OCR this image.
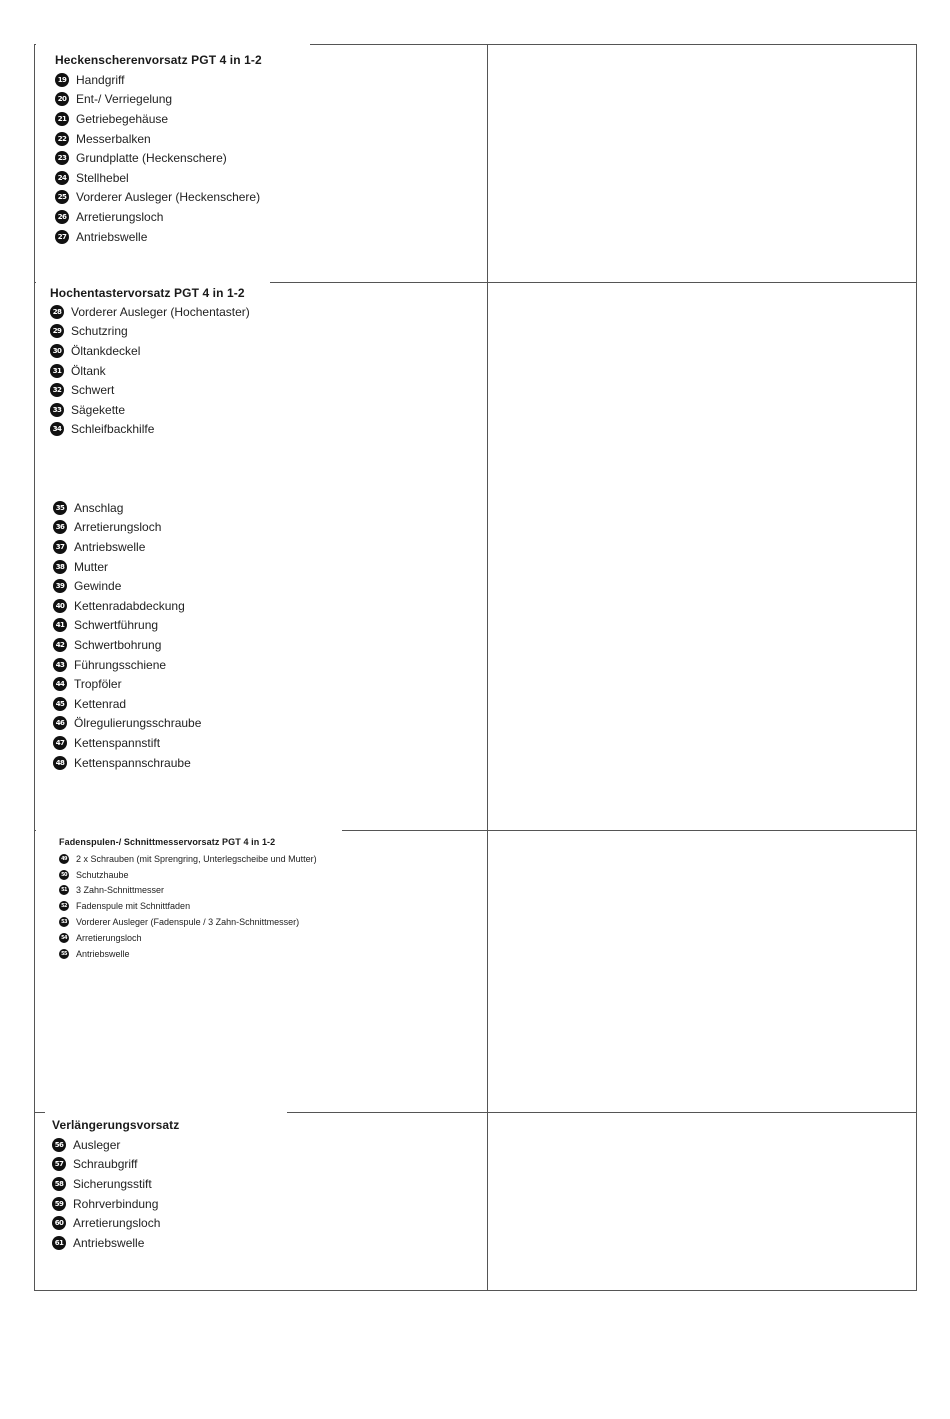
Heckenscherenvorsatz PGT 4 in 1-2
19 Handgriff
20 Ent-/ Verriegelung
21 Getriebegehäuse
22 Messerbalken
23 Grundplatte (Heckenschere)
24 Stellhebel
25 Vorderer Ausleger (Heckenschere)
26 Arretierungsloch
27 Antriebswelle
Hochentastervorsatz PGT 4 in 1-2
28 Vorderer Ausleger (Hochentaster)
29 Schutzring
30 Öltankdeckel
31 Öltank
32 Schwert
33 Sägekette
34 Schleifbackhilfe
35 Anschlag
36 Arretierungsloch
37 Antriebswelle
38 Mutter
39 Gewinde
40 Kettenradabdeckung
41 Schwertführung
42 Schwertbohrung
43 Führungsschiene
44 Tropföler
45 Kettenrad
46 Ölregulierungsschraube
47 Kettenspannstift
48 Kettenspannschraube
Fadenspulen-/ Schnittmesservorsatz PGT 4 in 1-2
49 2 x Schrauben (mit Sprengring, Unterlegscheibe und Mutter)
50 Schutzhaube
51 3 Zahn-Schnittmesser
52 Fadenspule mit Schnittfaden
53 Vorderer Ausleger (Fadenspule / 3 Zahn-Schnittmesser)
54 Arretierungsloch
55 Antriebswelle
Verlängerungsvorsatz
56 Ausleger
57 Schraubgriff
58 Sicherungsstift
59 Rohrverbindung
60 Arretierungsloch
61 Antriebswelle
